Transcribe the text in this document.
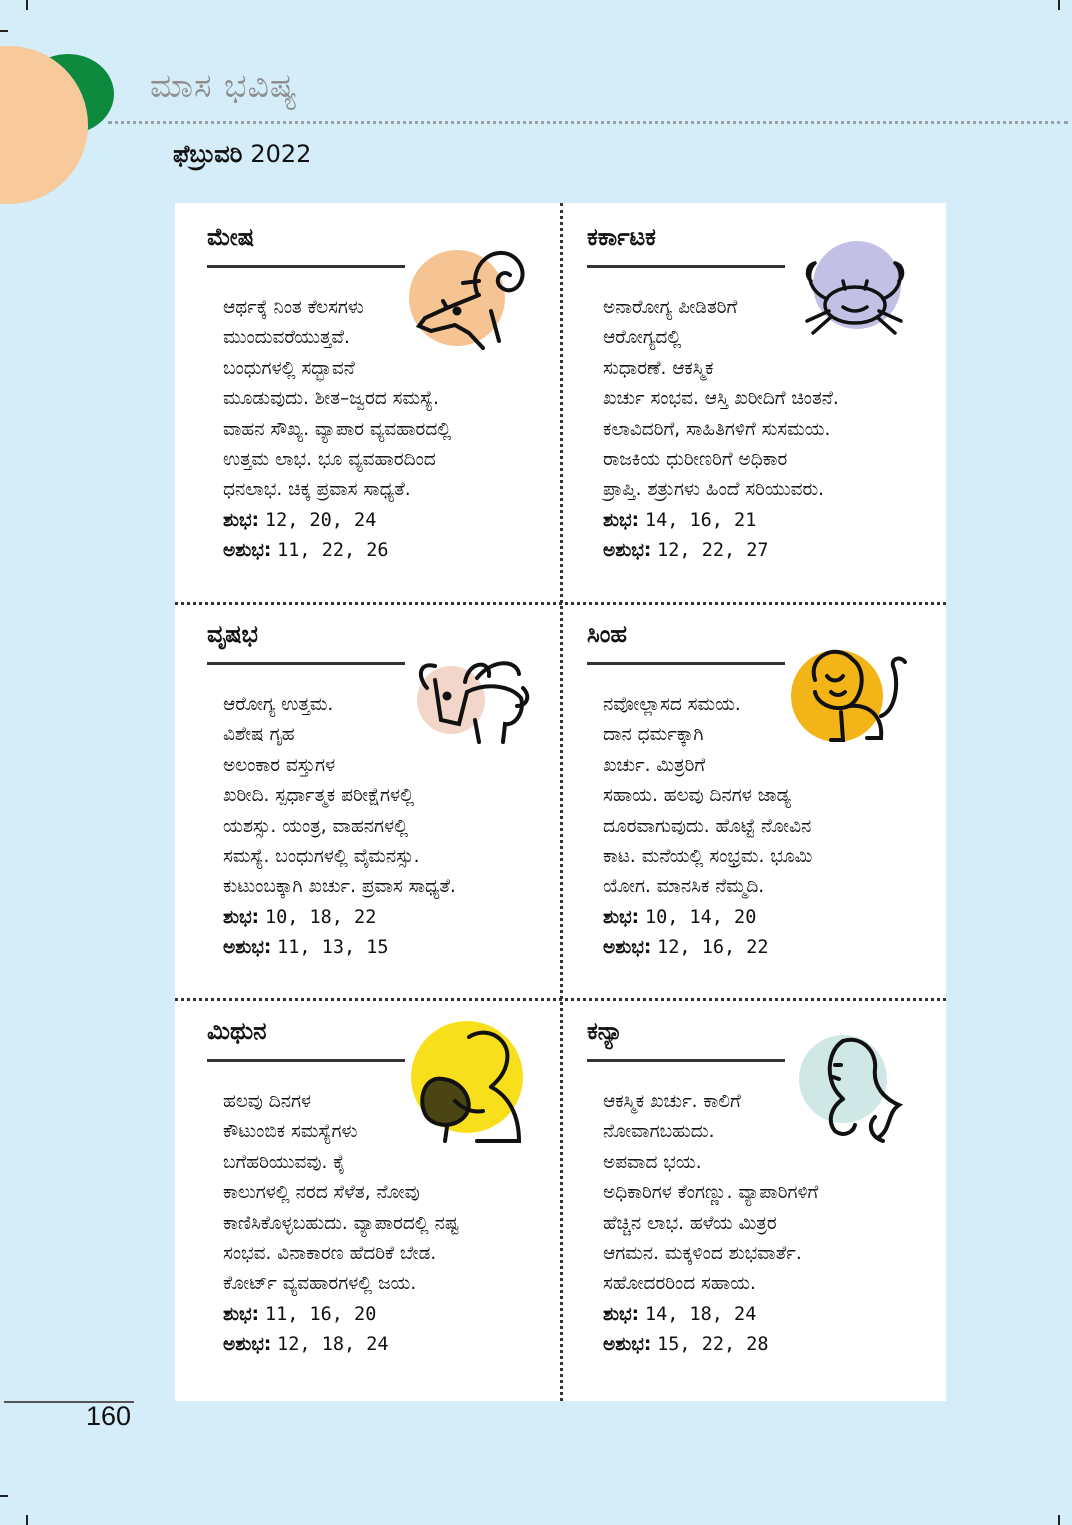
ಮಾಸ ಭವಿಷ್ಯ
ಫೆಬ್ರುವರಿ 2022
ಮೇಷ
ಆರ್ಥಕ್ಕೆ ನಿಂತ ಕೆಲಸಗಳು
ಮುಂದುವರೆಯುತ್ತವೆ.
ಬಂಧುಗಳಲ್ಲಿ ಸದ್ಭಾವನೆ
ಮೂಡುವುದು. ಶೀತ–ಜ್ವರದ ಸಮಸ್ಯೆ.
ವಾಹನ ಸೌಖ್ಯ. ವ್ಯಾಪಾರ ವ್ಯವಹಾರದಲ್ಲಿ
ಉತ್ತಮ ಲಾಭ. ಭೂ ವ್ಯವಹಾರದಿಂದ
ಧನಲಾಭ. ಚಿಕ್ಕ ಪ್ರವಾಸ ಸಾಧ್ಯತೆ.
ಶುಭ: 12, 20, 24
ಅಶುಭ: 11, 22, 26
ಕರ್ಕಾಟಕ
ಅನಾರೋಗ್ಯ ಪೀಡಿತರಿಗೆ
ಆರೋಗ್ಯದಲ್ಲಿ
ಸುಧಾರಣೆ. ಆಕಸ್ಮಿಕ
ಖರ್ಚು ಸಂಭವ. ಆಸ್ತಿ ಖರೀದಿಗೆ ಚಿಂತನೆ.
ಕಲಾವಿದರಿಗೆ, ಸಾಹಿತಿಗಳಿಗೆ ಸುಸಮಯ.
ರಾಜಕಿಯ ಧುರೀಣರಿಗೆ ಅಧಿಕಾರ
ಪ್ರಾಪ್ತಿ. ಶತ್ರುಗಳು ಹಿಂದೆ ಸರಿಯುವರು.
ಶುಭ: 14, 16, 21
ಅಶುಭ: 12, 22, 27
ವೃಷಭ
ಆರೋಗ್ಯ ಉತ್ತಮ.
ವಿಶೇಷ ಗೃಹ
ಅಲಂಕಾರ ವಸ್ತುಗಳ
ಖರೀದಿ. ಸ್ಪರ್ಧಾತ್ಮಕ ಪರೀಕ್ಷೆಗಳಲ್ಲಿ
ಯಶಸ್ಸು. ಯಂತ್ರ, ವಾಹನಗಳಲ್ಲಿ
ಸಮಸ್ಯೆ. ಬಂಧುಗಳಲ್ಲಿ ವೈಮನಸ್ಸು.
ಕುಟುಂಬಕ್ಕಾಗಿ ಖರ್ಚು. ಪ್ರವಾಸ ಸಾಧ್ಯತೆ.
ಶುಭ: 10, 18, 22
ಅಶುಭ: 11, 13, 15
ಸಿಂಹ
ನವೋಲ್ಲಾಸದ ಸಮಯ.
ದಾನ ಧರ್ಮಕ್ಕಾಗಿ
ಖರ್ಚು. ಮಿತ್ರರಿಗೆ
ಸಹಾಯ. ಹಲವು ದಿನಗಳ ಜಾಡ್ಯ
ದೂರವಾಗುವುದು. ಹೊಟ್ಟೆ ನೋವಿನ
ಕಾಟ. ಮನೆಯಲ್ಲಿ ಸಂಭ್ರಮ. ಭೂಮಿ
ಯೋಗ. ಮಾನಸಿಕ ನೆಮ್ಮದಿ.
ಶುಭ: 10, 14, 20
ಅಶುಭ: 12, 16, 22
ಮಿಥುನ
ಹಲವು ದಿನಗಳ
ಕೌಟುಂಬಿಕ ಸಮಸ್ಯೆಗಳು
ಬಗೆಹರಿಯುವವು. ಕೈ
ಕಾಲುಗಳಲ್ಲಿ ನರದ ಸೆಳೆತ, ನೋವು
ಕಾಣಿಸಿಕೊಳ್ಳಬಹುದು. ವ್ಯಾಪಾರದಲ್ಲಿ ನಷ್ಟ
ಸಂಭವ. ವಿನಾಕಾರಣ ಹೆದರಿಕೆ ಬೇಡ.
ಕೋರ್ಟ್ ವ್ಯವಹಾರಗಳಲ್ಲಿ ಜಯ.
ಶುಭ: 11, 16, 20
ಅಶುಭ: 12, 18, 24
ಕನ್ಯಾ
ಆಕಸ್ಮಿಕ ಖರ್ಚು. ಕಾಲಿಗೆ
ನೋವಾಗಬಹುದು.
ಅಪವಾದ ಭಯ.
ಅಧಿಕಾರಿಗಳ ಕೆಂಗಣ್ಣು. ವ್ಯಾಪಾರಿಗಳಿಗೆ
ಹೆಚ್ಚಿನ ಲಾಭ. ಹಳೆಯ ಮಿತ್ರರ
ಆಗಮನ. ಮಕ್ಕಳಿಂದ ಶುಭವಾರ್ತೆ.
ಸಹೋದರರಿಂದ ಸಹಾಯ.
ಶುಭ: 14, 18, 24
ಅಶುಭ: 15, 22, 28
160
